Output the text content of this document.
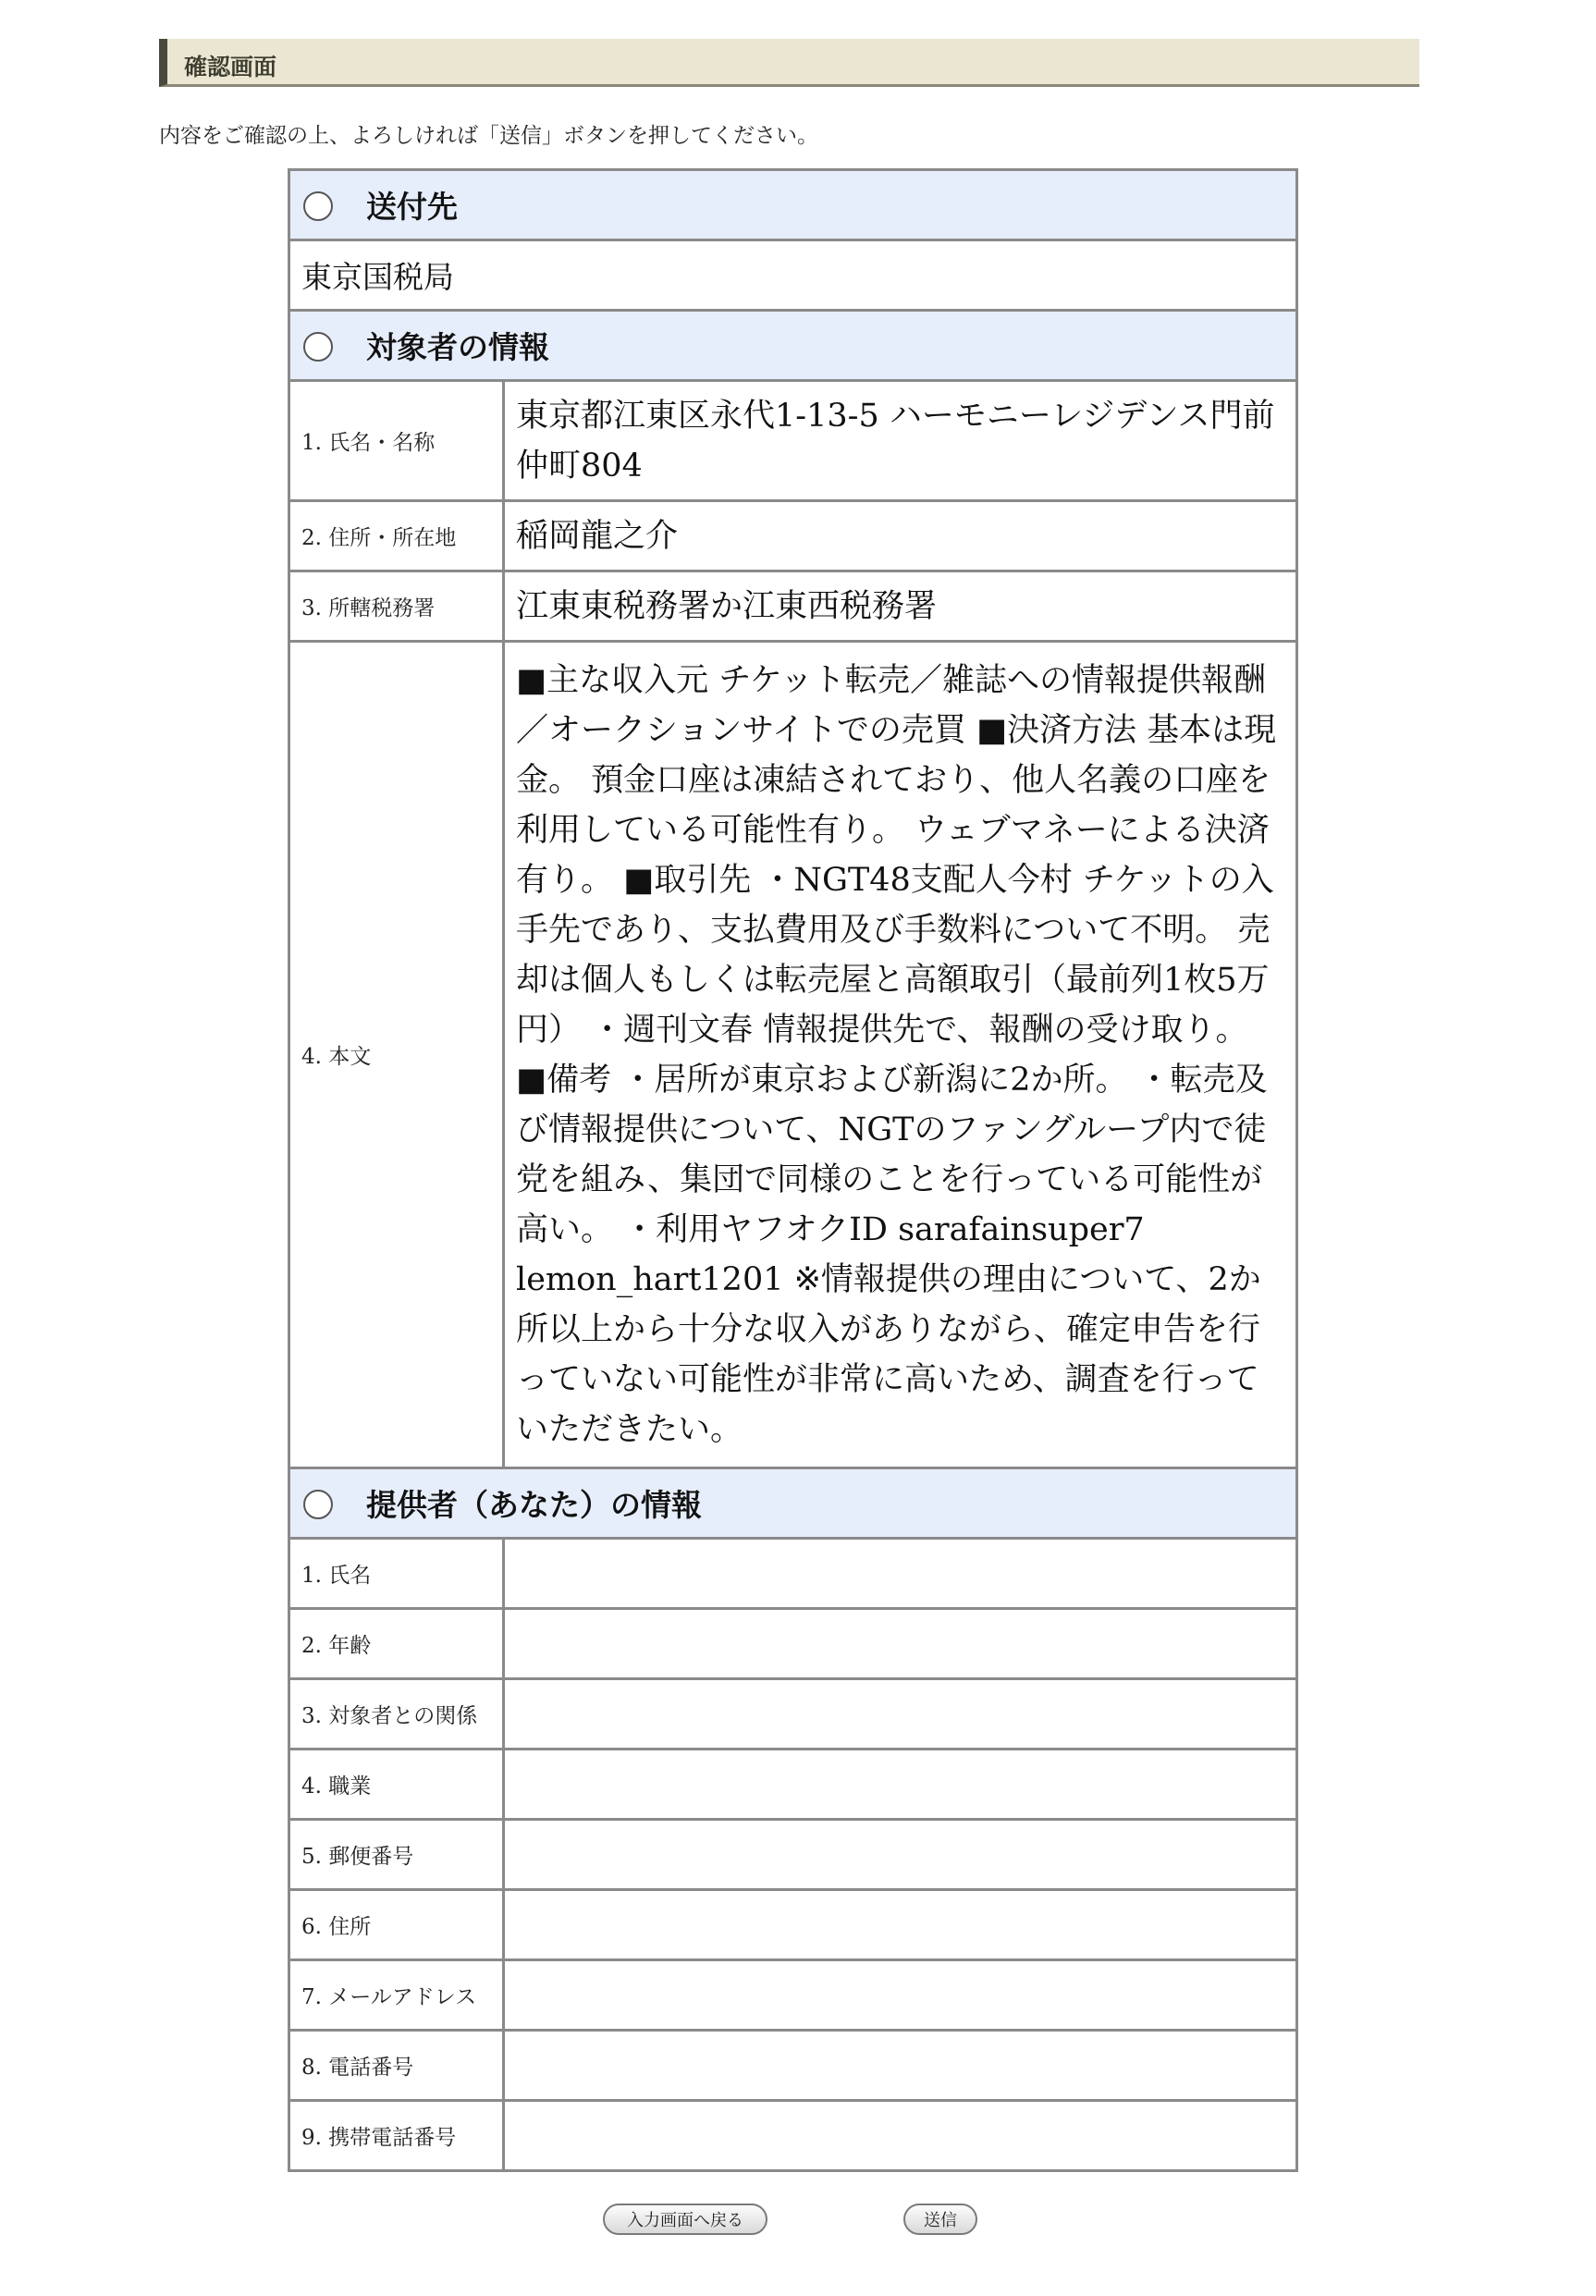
確認画面
内容をご確認の上、よろしければ「送信」ボタンを押してください。
送付先	
東京国税局	
対象者の情報	
1. 氏名・名称	東京都江東区永代1-13-5 ハーモニーレジデンス門前仲町804
2. 住所・所在地	稲岡龍之介
3. 所轄税務署	江東東税務署か江東西税務署
4. 本文	■主な収入元 チケット転売／雑誌への情報提供報酬／オークションサイトでの売買 ■決済方法 基本は現金。 預金口座は凍結されており、他人名義の口座を利用している可能性有り。 ウェブマネーによる決済有り。 ■取引先 ・NGT48支配人今村 チケットの入手先であり、支払費用及び手数料について不明。 売却は個人もしくは転売屋と高額取引（最前列1枚5万円） ・週刊文春 情報提供先で、報酬の受け取り。 ■備考 ・居所が東京および新潟に2か所。 ・転売及び情報提供について、NGTのファングループ内で徒党を組み、集団で同様のことを行っている可能性が高い。 ・利用ヤフオクID sarafainsuper7 lemon_hart1201 ※情報提供の理由について、2か所以上から十分な収入がありながら、確定申告を行っていない可能性が非常に高いため、調査を行っていただきたい。
提供者（あなた）の情報	
1. 氏名	
2. 年齢	
3. 対象者との関係	
4. 職業	
5. 郵便番号	
6. 住所	
7. メールアドレス	
8. 電話番号	
9. 携帯電話番号	
入力画面へ戻る	送信
